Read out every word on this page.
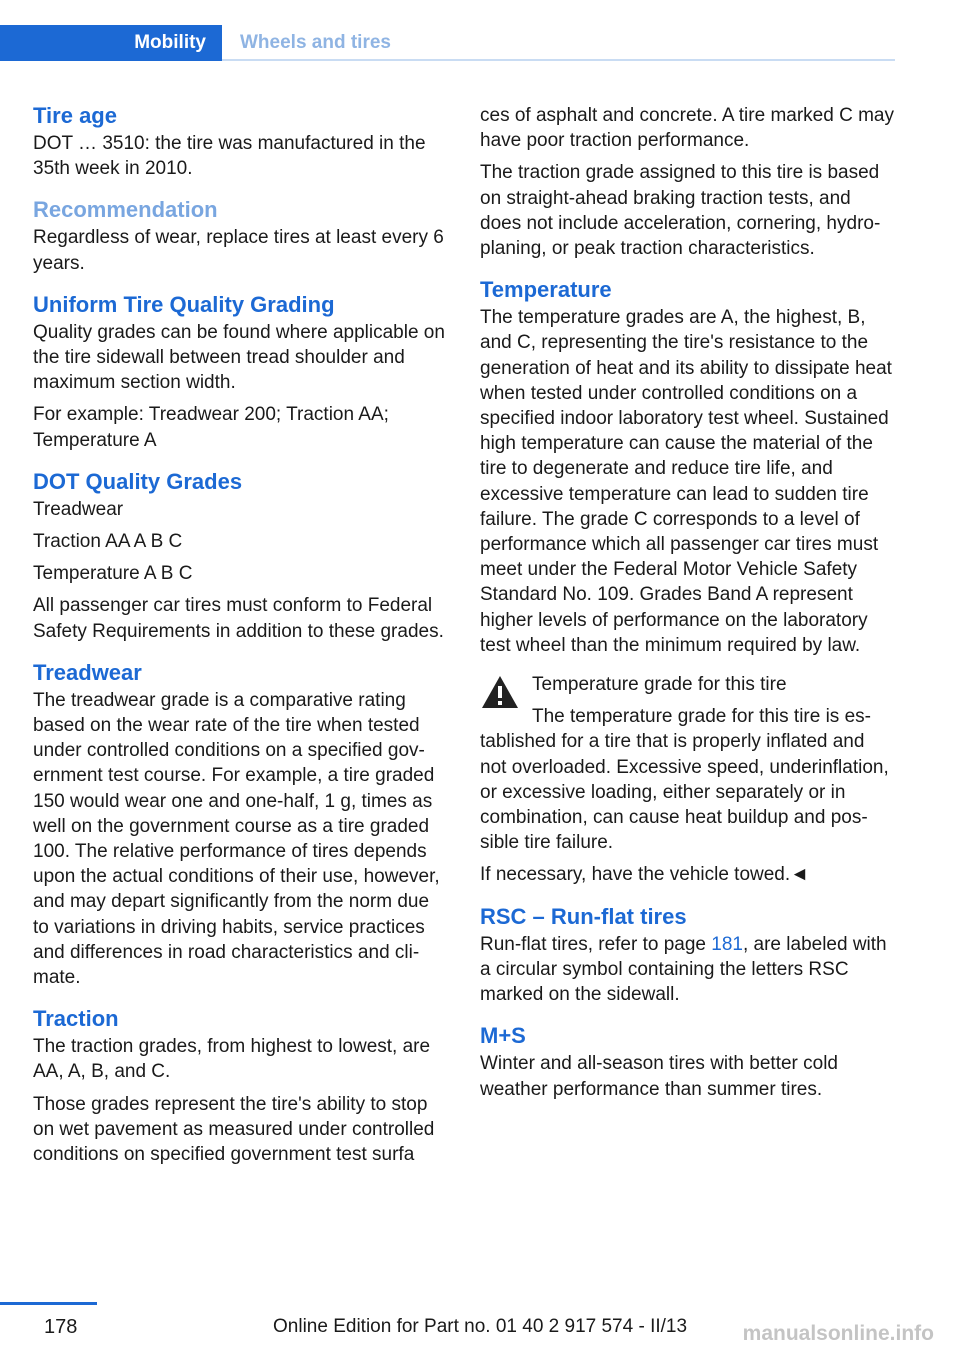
Mobility	Wheels and tires
Tire age

DOT … 3510: the tire was manufactured in the 35th week in 2010.

Recommendation

Regardless of wear, replace tires at least every 6 years.

Uniform Tire Quality Grading

Quality grades can be found where applicable on the tire sidewall between tread shoulder and maximum section width.

For example: Treadwear 200; Traction AA; Temperature A

DOT Quality Grades

Treadwear

Traction AA A B C

Temperature A B C

All passenger car tires must conform to Federal Safety Requirements in addition to these grades.

Treadwear

The treadwear grade is a comparative rating based on the wear rate of the tire when tested under controlled conditions on a specified government test course. For example, a tire graded 150 would wear one and one-half, 1 g, times as well on the government course as a tire graded 100. The relative performance of tires depends upon the actual conditions of their use, however, and may depart significantly from the norm due to variations in driving habits, service practices and differences in road characteristics and climate.

Traction

The traction grades, from highest to lowest, are AA, A, B, and C.

Those grades represent the tire's ability to stop on wet pavement as measured under controlled conditions on specified government test surfa

ces of asphalt and concrete. A tire marked C may have poor traction performance.

The traction grade assigned to this tire is based on straight-ahead braking traction tests, and does not include acceleration, cornering, hydroplaning, or peak traction characteristics.

Temperature

The temperature grades are A, the highest, B, and C, representing the tire's resistance to the generation of heat and its ability to dissipate heat when tested under controlled conditions on a specified indoor laboratory test wheel. Sustained high temperature can cause the material of the tire to degenerate and reduce tire life, and excessive temperature can lead to sudden tire failure. The grade C corresponds to a level of performance which all passenger car tires must meet under the Federal Motor Vehicle Safety Standard No. 109. Grades Band A represent higher levels of performance on the laboratory test wheel than the minimum required by law.

Temperature grade for this tire

The temperature grade for this tire is established for a tire that is properly inflated and not overloaded. Excessive speed, underinflation, or excessive loading, either separately or in combination, can cause heat buildup and possible tire failure.

If necessary, have the vehicle towed.◄

RSC – Run-flat tires

Run-flat tires, refer to page 181, are labeled with a circular symbol containing the letters RSC marked on the sidewall.

M+S

Winter and all-season tires with better cold weather performance than summer tires.

178	Online Edition for Part no. 01 40 2 917 574 - II/13	manualsonline.info
